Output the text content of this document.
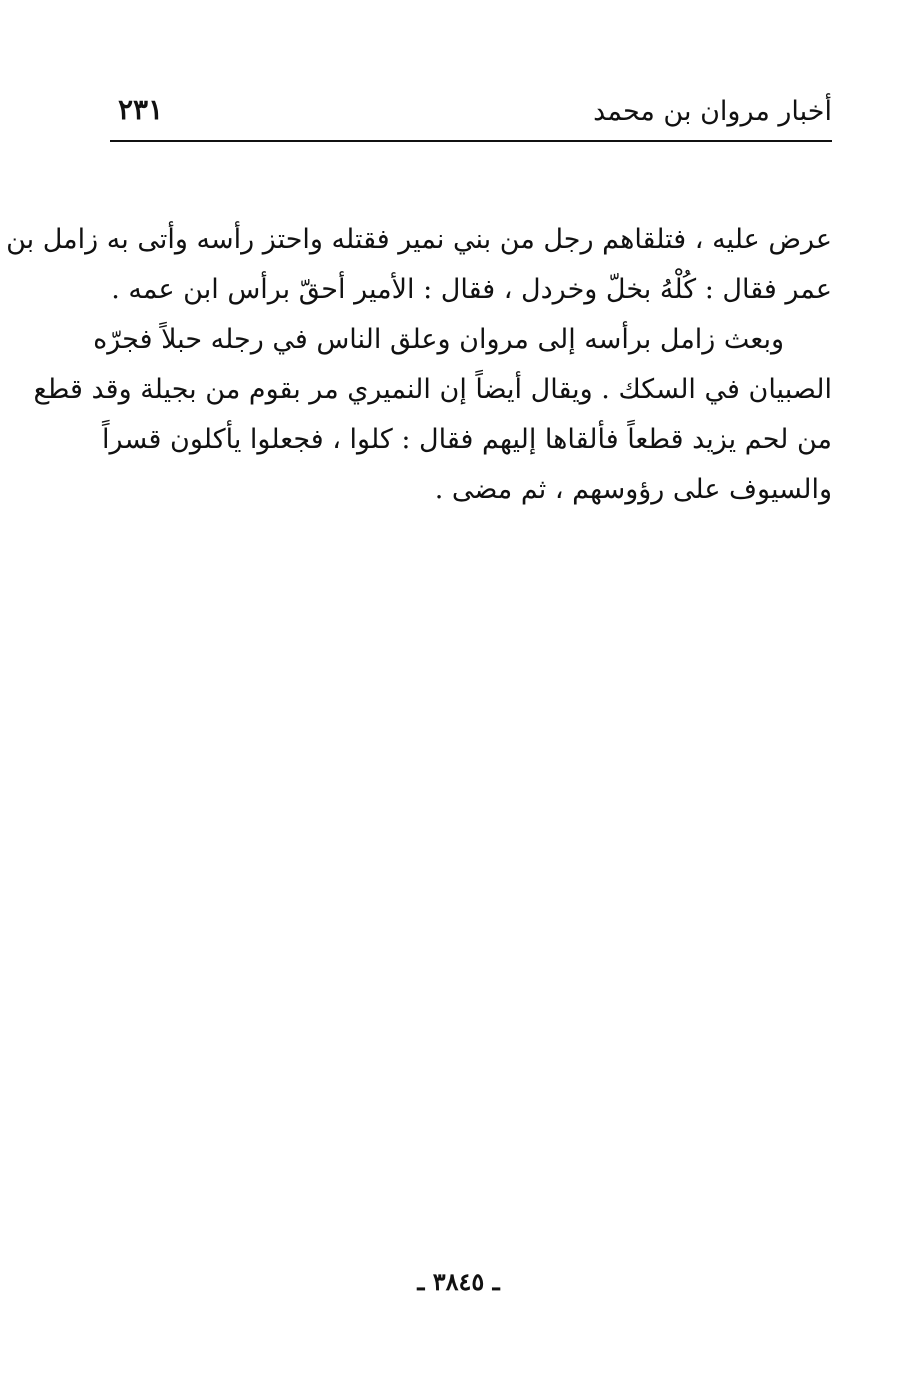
أخبار مروان بن محمد
٢٣١
عرض عليه ، فتلقاهم رجل من بني نمير فقتله واحتز رأسه وأتى به زامل بن
عمر فقال : كُلْهُ بخلّ وخردل ، فقال : الأمير أحقّ برأس ابن عمه .
وبعث زامل برأسه إلى مروان وعلق الناس في رجله حبلاً فجرّه
الصبيان في السكك . ويقال أيضاً إن النميري مر بقوم من بجيلة وقد قطع
من لحم يزيد قطعاً فألقاها إليهم فقال : كلوا ، فجعلوا يأكلون قسراً
والسيوف على رؤوسهم ، ثم مضى .
ـ ٣٨٤٥ ـ
